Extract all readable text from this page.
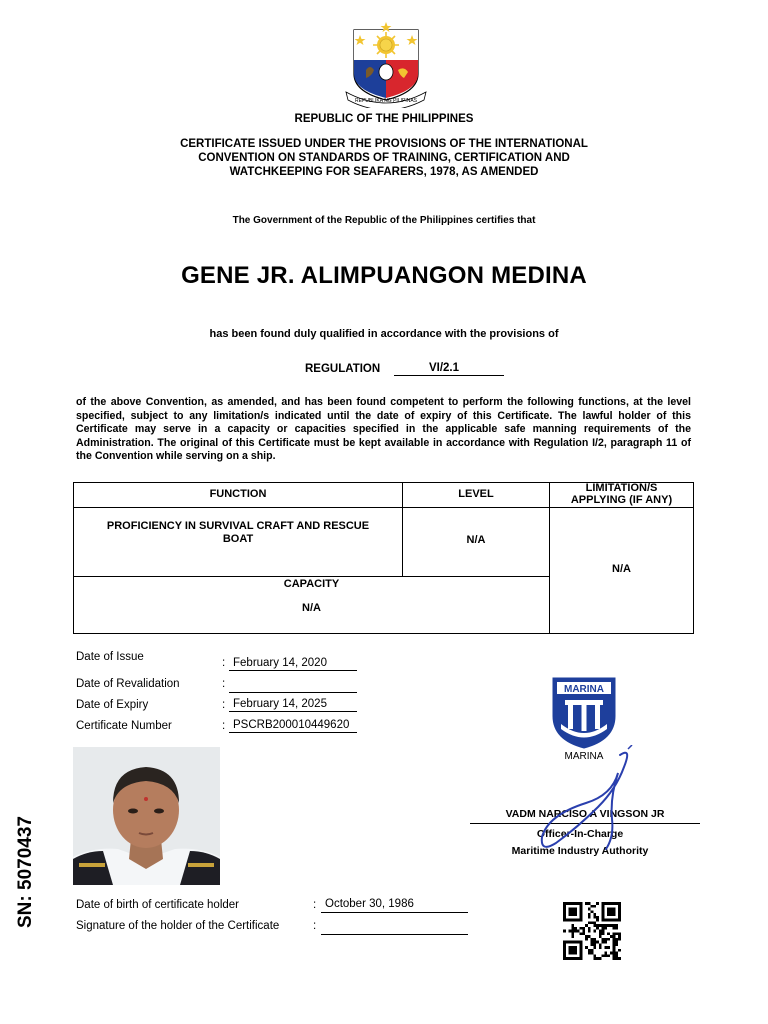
REPUBLIKA NG PILIPINAS
REPUBLIC OF THE PHILIPPINES
CERTIFICATE ISSUED UNDER THE PROVISIONS OF THE INTERNATIONAL
CONVENTION ON STANDARDS OF TRAINING, CERTIFICATION AND
WATCHKEEPING FOR SEAFARERS, 1978, AS AMENDED
The Government of the Republic of the Philippines certifies that
GENE JR. ALIMPUANGON MEDINA
has been found duly qualified in accordance with the provisions of
REGULATION	VI/2.1
of the above Convention, as amended, and has been found competent to perform the following functions, at the level specified, subject to any limitation/s indicated until the date of expiry of this Certificate. The lawful holder of this Certificate may serve in a capacity or capacities specified in the applicable safe manning requirements of the Administration. The original of this Certificate must be kept available in accordance with Regulation I/2, paragraph 11 of the Convention while serving on a ship.
FUNCTION	LEVEL	LIMITATION/S
APPLYING (IF ANY)
PROFICIENCY IN SURVIVAL CRAFT AND RESCUE
BOAT	N/A
N/A
CAPACITY
N/A
Date of Issue	: February 14, 2020
Date of Revalidation	:
Date of Expiry	: February 14, 2025
Certificate Number	: PSCRB200010449620
SN: 5070437	Date of birth of certificate holder	: October 30, 1986
Signature of the holder of the Certificate	:
MARINA
MARINA
VADM NARCISO A VINGSON JR
Officer-In-Charge
Maritime Industry Authority
